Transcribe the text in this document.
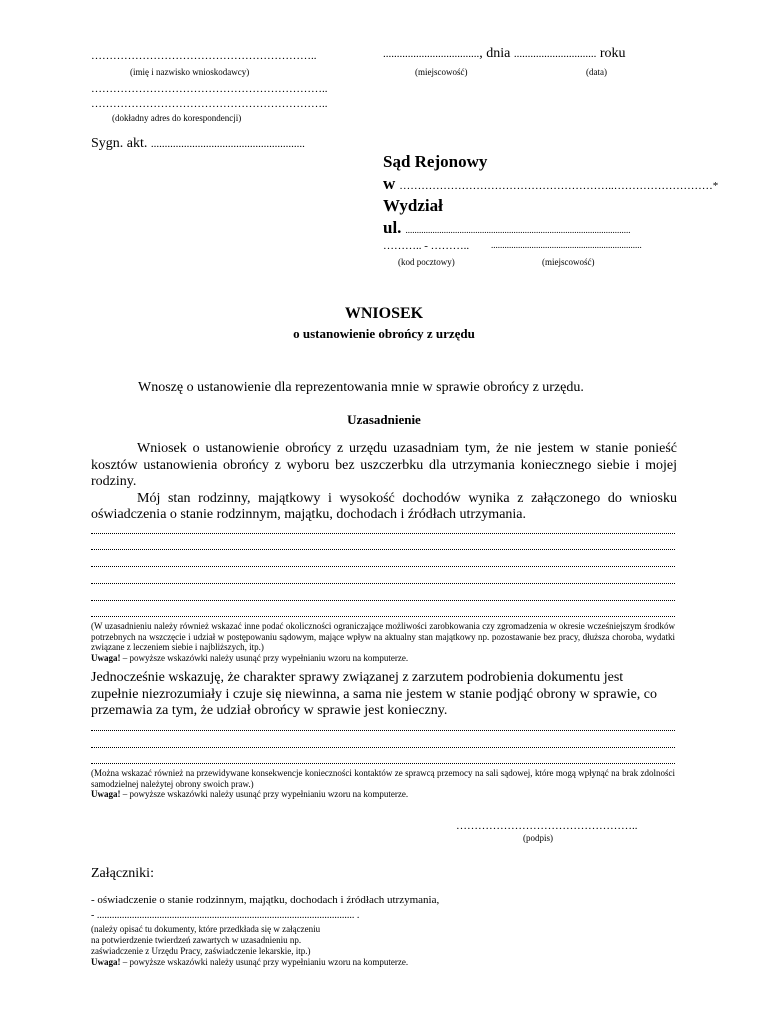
……………………………………………………..
(imię i nazwisko wnioskodawcy)
………………………………………………………..
………………………………………………………..
(dokładny adres do korespondencji)
..................................., dnia .............................. roku
(miejscowość)	(data)
Sygn. akt. ........................................................
Sąd Rejonowy
w …………………………………………………..………………………*
Wydział
ul. ....................................................................................................
……….. - ……….. ...................................................................
(kod pocztowy)	(miejscowość)
WNIOSEK
o ustanowienie obrońcy z urzędu
Wnoszę o ustanowienie dla reprezentowania mnie w sprawie obrońcy z urzędu.
Uzasadnienie

Wniosek o ustanowienie obrońcy z urzędu uzasadniam tym, że nie jestem w stanie ponieść kosztów ustanowienia obrońcy z wyboru bez uszczerbku dla utrzymania koniecznego siebie i mojej rodziny.

Mój stan rodzinny, majątkowy i wysokość dochodów wynika z załączonego do wniosku oświadczenia o stanie rodzinnym, majątku, dochodach i źródłach utrzymania.

(W uzasadnieniu należy również wskazać inne podać okoliczności ograniczające możliwości zarobkowania czy zgromadzenia w okresie wcześniejszym środków potrzebnych na wszczęcie i udział w postępowaniu sądowym, mające wpływ na aktualny stan majątkowy np. pozostawanie bez pracy, dłuższa choroba, wydatki związane z leczeniem siebie i najbliższych, itp.)
Uwaga! – powyższe wskazówki należy usunąć przy wypełnianiu wzoru na komputerze.

Jednocześnie wskazuję, że charakter sprawy związanej z zarzutem podrobienia dokumentu jest zupełnie niezrozumiały i czuje się niewinna, a sama nie jestem w stanie podjąć obrony w sprawie, co przemawia za tym, że udział obrońcy w sprawie jest konieczny.

(Można wskazać również na przewidywane konsekwencje konieczności kontaktów ze sprawcą przemocy na sali sądowej, które mogą wpłynąć na brak zdolności samodzielnej należytej obrony swoich praw.)
Uwaga! – powyższe wskazówki należy usunąć przy wypełnianiu wzoru na komputerze.
…………………………………………..
(podpis)
Załączniki:
- oświadczenie o stanie rodzinnym, majątku, dochodach i źródłach utrzymania,
- ....................................................................................................... .
(należy opisać tu dokumenty, które przedkłada się w załączeniu
na potwierdzenie twierdzeń zawartych w uzasadnieniu np.
zaświadczenie z Urzędu Pracy, zaświadczenie lekarskie, itp.)
Uwaga! – powyższe wskazówki należy usunąć przy wypełnianiu wzoru na komputerze.
